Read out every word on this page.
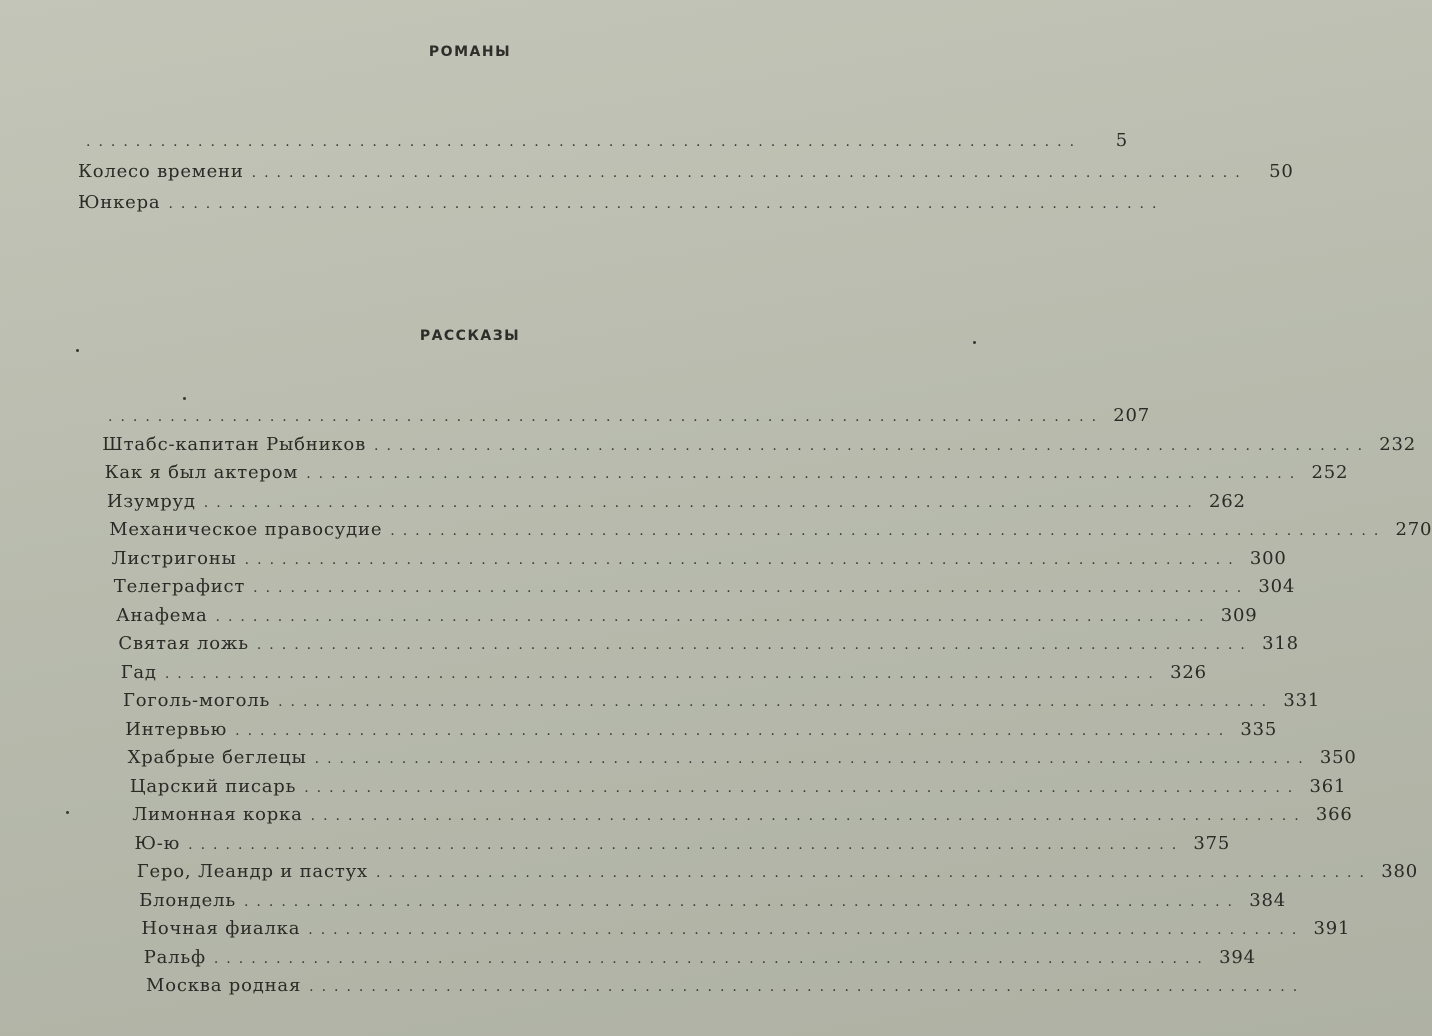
РОМАНЫ
................................................................................	5
Колесо времени ................................................................................	50
Юнкера ................................................................................
РАССКАЗЫ
................................................................................ 207
Штабс-капитан Рыбников ................................................................................ 232
Как я был актером ................................................................................ 252
Изумруд ................................................................................ 262
Механическое правосудие ................................................................................ 270
Листригоны ................................................................................ 300
Телеграфист ................................................................................ 304
Анафема ................................................................................ 309
Святая ложь ................................................................................ 318
Гад ................................................................................ 326
Гоголь-моголь ................................................................................ 331
Интервью ................................................................................ 335
Храбрые беглецы ................................................................................ 350
Царский писарь ................................................................................ 361
Лимонная корка ................................................................................ 366
Ю-ю ................................................................................ 375
Геро, Леандр и пастух ................................................................................ 380
Блондель ................................................................................ 384
Ночная фиалка ................................................................................ 391
Ральф ................................................................................ 394
Москва родная ................................................................................
